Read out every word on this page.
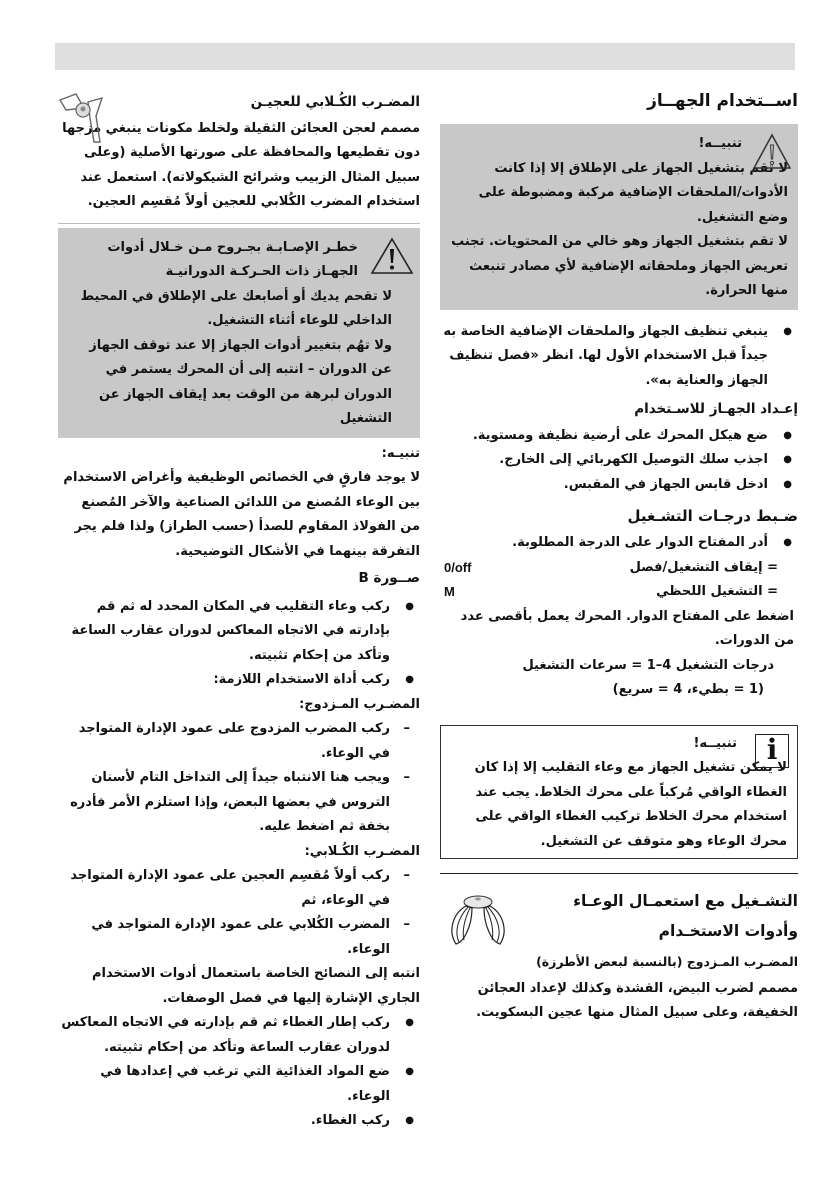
اســتخدام الجهــاز

تنبيــه!

لا تقم بتشغيل الجهاز على الإطلاق إلا إذا كانت الأدوات/الملحقات الإضافية مركبة ومضبوطة على وضع التشغيل.

لا تقم بتشغيل الجهاز وهو خالي من المحتويات. تجنب تعريض الجهاز وملحقاته الإضافية لأي مصادر تنبعث منها الحرارة.

● ينبغي تنظيف الجهاز والملحقات الإضافية الخاصة به جيداً قبل الاستخدام الأول لها. انظر «فصل تنظيف الجهاز والعناية به».
إعـداد الجهـاز للاسـتخدام
● ضع هيكل المحرك على أرضية نظيفة ومستوية.
● اجذب سلك التوصيل الكهربائي إلى الخارج.
● ادخل قابس الجهاز في المقبس.
ضـبط درجـات التشـغيل
● أدر المفتاح الدوار على الدرجة المطلوبة.
0/off	= إيقاف التشغيل/فصل
M	= التشغيل اللحظي

اضغط على المفتاح الدوار. المحرك يعمل بأقصى عدد من الدورات.

درجات التشغيل 4–1 = سرعات التشغيل

(1 = بطيء، 4 = سريع)

i

تنبيــه!

لا يمكن تشغيل الجهاز مع وعاء التقليب إلا إذا كان الغطاء الواقي مُركباً على محرك الخلاط. يجب عند استخدام محرك الخلاط تركيب الغطاء الواقي على محرك الوعاء وهو متوقف عن التشغيل.

التشـغيل مع استعمـال الوعـاء وأدوات الاستخـدام
المضـرب المـزدوج (بالنسبة لبعض الأطرزة)

مصمم لضرب البيض، القشدة وكذلك لإعداد العجائن الخفيفة، وعلى سبيل المثال منها عجين البسكويت.

المضـرب الكُـلابي للعجيـن

مصمم لعجن العجائن الثقيلة ولخلط مكونات ينبغي مزجها دون تقطيعها والمحافظة على صورتها الأصلية (وعلى سبيل المثال الزبيب وشرائح الشيكولاته). استعمل عند استخدام المضرب الكُلابي للعجين أولاً مُقسِم العجين.

خطـر الإصـابـة بجـروح مـن خـلال أدوات الجهـاز ذات الحـركـة الدورانيـة

لا تقحم يديك أو أصابعك على الإطلاق في المحيط الداخلي للوعاء أثناء التشغيل.

ولا تهُم بتغيير أدوات الجهاز إلا عند توقف الجهاز عن الدوران – انتبه إلى أن المحرك يستمر في الدوران لبرهة من الوقت بعد إيقاف الجهاز عن التشغيل

تنبيـه:

لا يوجد فارقٍ في الخصائص الوظيفية وأغراض الاستخدام بين الوعاء المُصنع من اللدائن الصناعية والآخر المُصنع من الفولاذ المقاوم للصدأ (حسب الطراز) ولذا فلم يجر التفرقة بينهما في الأشكال التوضيحية.

صــورة B
● ركب وعاء التقليب في المكان المحدد له ثم قم بإدارته في الاتجاه المعاكس لدوران عقارب الساعة وتأكد من إحكام تثبيته.
● ركب أداة الاستخدام اللازمة:
المضـرب المـزدوج:
– ركب المضرب المزدوج على عمود الإدارة المتواجد في الوعاء.
– ويجب هنا الانتباه جيداً إلى التداخل التام لأسنان التروس في بعضها البعض، وإذا استلزم الأمر فأدره بخفة ثم اضغط عليه.
المضـرب الكُـلابي:
– ركب أولاً مُقسِم العجين على عمود الإدارة المتواجد في الوعاء، ثم
– المضرب الكُلابي على عمود الإدارة المتواجد في الوعاء.
انتبه إلى النصائح الخاصة باستعمال أدوات الاستخدام الجاري الإشارة إليها في فصل الوصفات.
● ركب إطار الغطاء ثم قم بإدارته في الاتجاه المعاكس لدوران عقارب الساعة وتأكد من إحكام تثبيته.
● ضع المواد الغذائية التي ترغب في إعدادها في الوعاء.
● ركب الغطاء.
